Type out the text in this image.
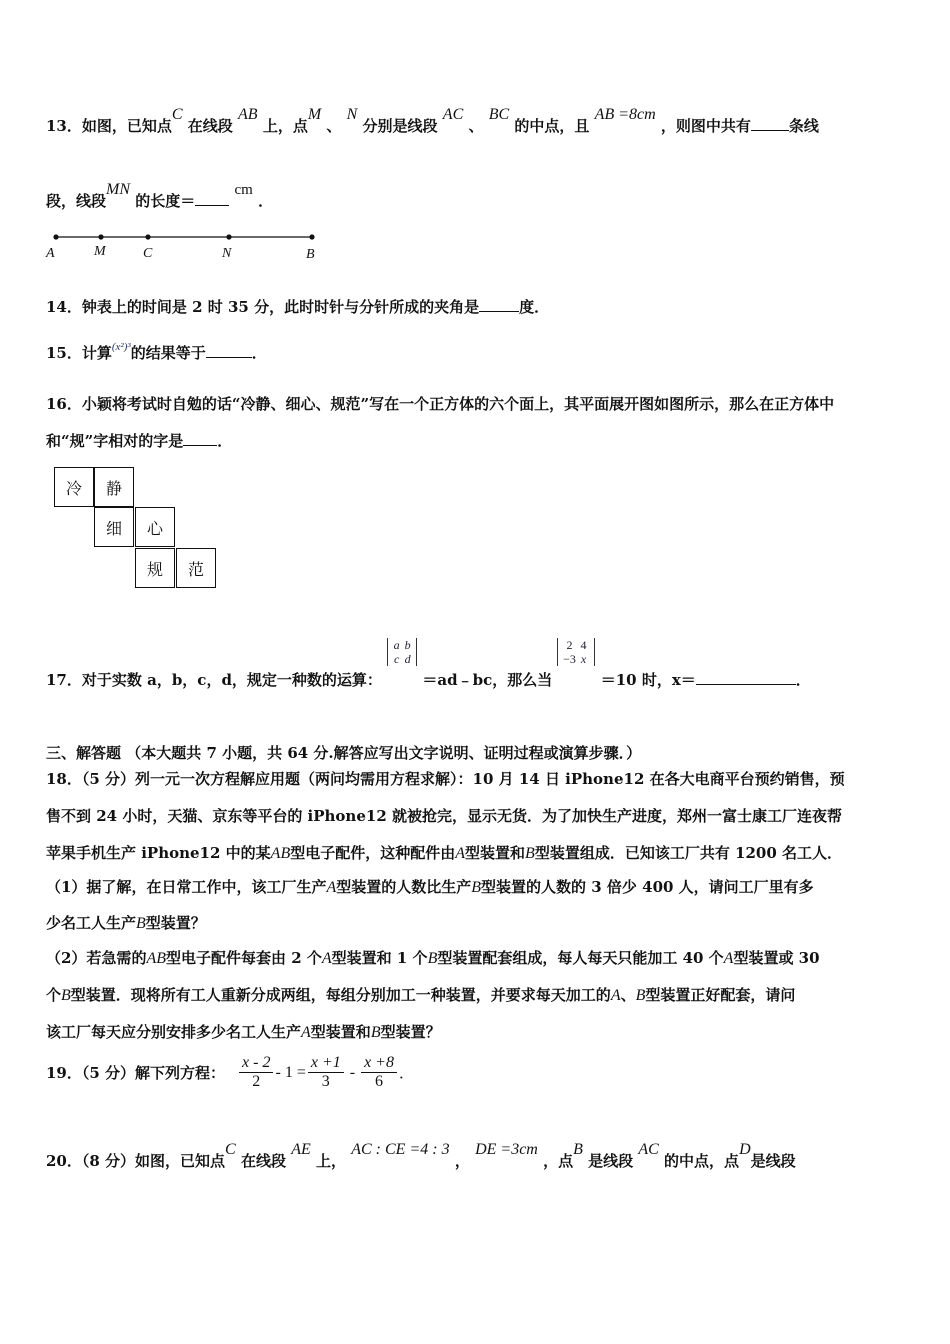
13．如图，已知点C 在线段 AB 上，点M 、 N 分别是线段 AC 、 BC 的中点，且 AB =8cm ，则图中共有	条线
段，线段MN 的长度＝ cm ．
A	M	C	N	B
14．钟表上的时间是 2 时 35 分，此时时针与分针所成的夹角是	度．
15．计算$^{(x^2)^3}$的结果等于	．
16．小颖将考试时自勉的话“冷静、细心、规范”写在一个正方体的六个面上，其平面展开图如图所示，那么在正方体中
和“规”字相对的字是 ．
冷	静
细	心
规	范
17．对于实数 a，b，c，d，规定一种数的运算： a b
c d ＝ad﹣bc，那么当 2 4
−3 x ＝10 时，x＝	．
三、解答题 （本大题共 7 小题，共 64 分.解答应写出文字说明、证明过程或演算步骤．）
18．（5 分）列一元一次方程解应用题（两问均需用方程求解）：10 月 14 日 iPhone12 在各大电商平台预约销售，预
售不到 24 小时，天猫、京东等平台的 iPhone12 就被抢完，显示无货．为了加快生产进度，郑州一富士康工厂连夜帮
苹果手机生产 iPhone12 中的某AB型电子配件，这种配件由A型装置和B型装置组成．已知该工厂共有 1200 名工人．
（1）据了解，在日常工作中，该工厂生产A型装置的人数比生产B型装置的人数的 3 倍少 400 人，请问工厂里有多
少名工人生产B型装置？
（2）若急需的AB型电子配件每套由 2 个A型装置和 1 个B型装置配套组成，每人每天只能加工 40 个A型装置或 30
个B型装置．现将所有工人重新分成两组，每组分别加工一种装置，并要求每天加工的A、B型装置正好配套，请问
该工厂每天应分别安排多少名工人生产A型装置和B型装置？
19．（5 分）解下列方程： $\frac{x - 2}{2} - 1 = \frac{x +1}{3} - \frac{x +8}{6}$ ．
20．（8 分）如图，已知点C 在线段 AE 上， AC : CE =4 : 3 ， DE =3cm ，点B 是线段 AC 的中点，点D是线段
